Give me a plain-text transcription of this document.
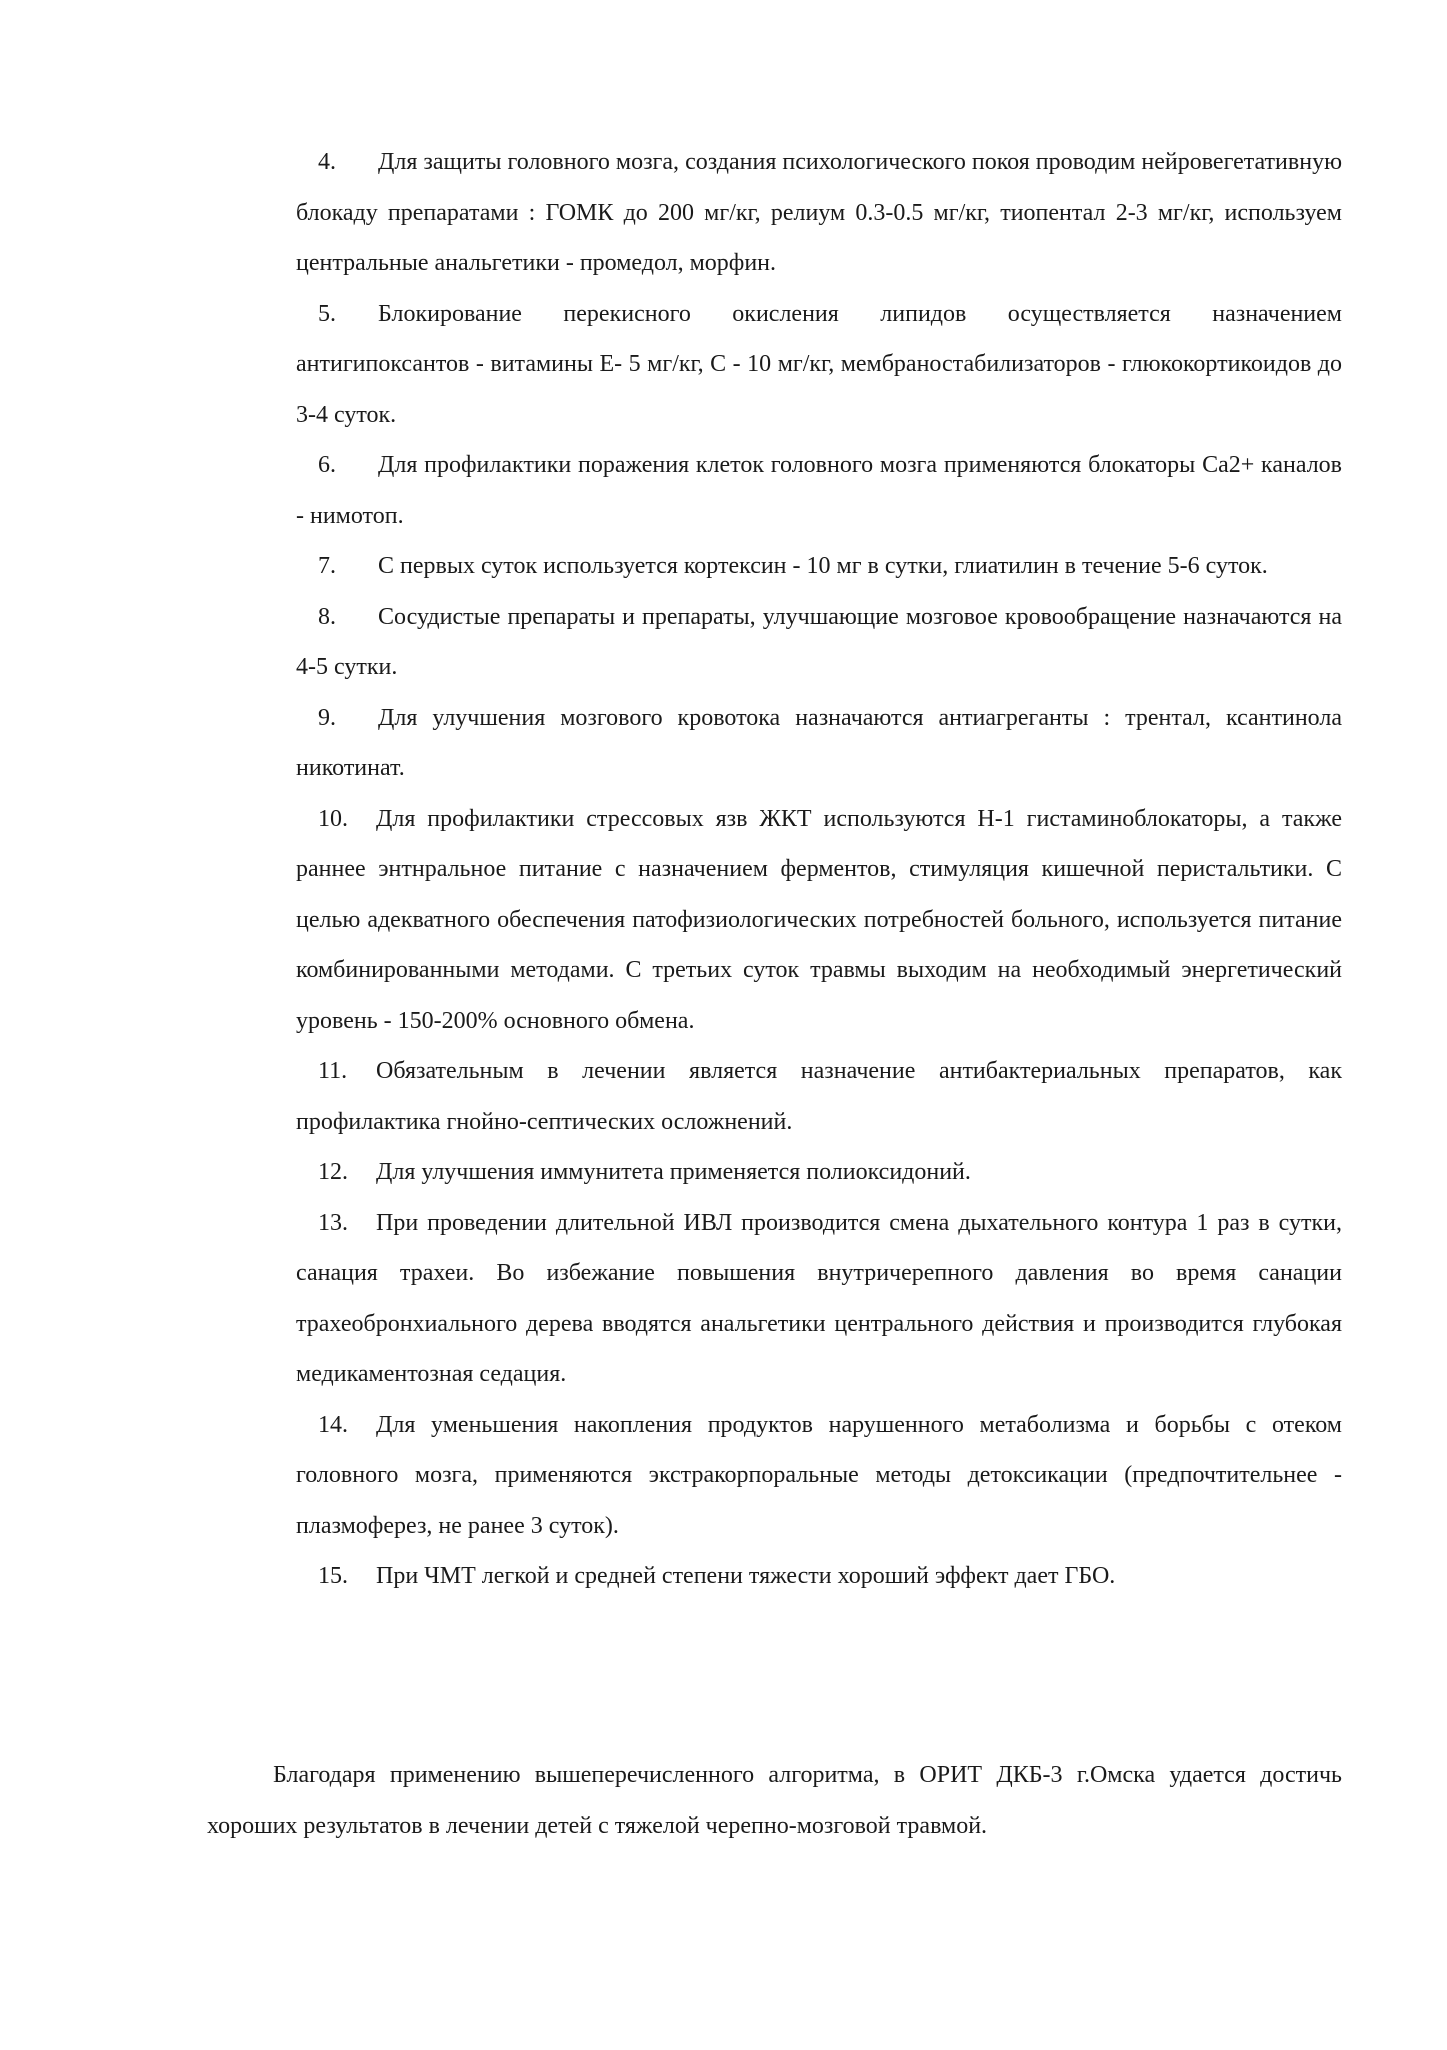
4. Для защиты головного мозга, создания психологического покоя проводим нейровегетативную блокаду препаратами : ГОМК до 200 мг/кг, релиум 0.3-0.5 мг/кг, тиопентал 2-3 мг/кг, используем центральные анальгетики - промедол, морфин.
5. Блокирование перекисного окисления липидов осуществляется назначением антигипоксантов - витамины Е- 5 мг/кг, С - 10 мг/кг, мембраностабилизаторов - глюкокортикоидов до 3-4 суток.
6. Для профилактики поражения клеток головного мозга применяются блокаторы Са2+ каналов - нимотоп.
7. С первых суток используется кортексин - 10 мг в сутки, глиатилин в течение 5-6 суток.
8. Сосудистые препараты и препараты, улучшающие мозговое кровообращение назначаются на 4-5 сутки.
9. Для улучшения мозгового кровотока назначаются антиагреганты : трентал, ксантинола никотинат.
10. Для профилактики стрессовых язв ЖКТ используются Н-1 гистаминоблокаторы, а также раннее энтнральное питание с назначением ферментов, стимуляция кишечной перистальтики. С целью адекватного обеспечения патофизиологических потребностей больного, используется питание комбинированными методами. С третьих суток травмы выходим на необходимый энергетический уровень - 150-200% основного обмена.
11. Обязательным в лечении является назначение антибактериальных препаратов, как профилактика гнойно-септических осложнений.
12. Для улучшения иммунитета применяется полиоксидоний.
13. При проведении длительной ИВЛ производится смена дыхательного контура 1 раз в сутки, санация трахеи. Во избежание повышения внутричерепного давления во время санации трахеобронхиального дерева вводятся анальгетики центрального действия и производится глубокая медикаментозная седация.
14. Для уменьшения накопления продуктов нарушенного метаболизма и борьбы с отеком головного мозга, применяются экстракорпоральные методы детоксикации (предпочтительнее - плазмоферез, не ранее 3 суток).
15. При ЧМТ легкой и средней степени тяжести хороший эффект дает ГБО.
Благодаря применению вышеперечисленного алгоритма, в ОРИТ ДКБ-3 г.Омска удается достичь хороших результатов в лечении детей с тяжелой черепно-мозговой травмой.
